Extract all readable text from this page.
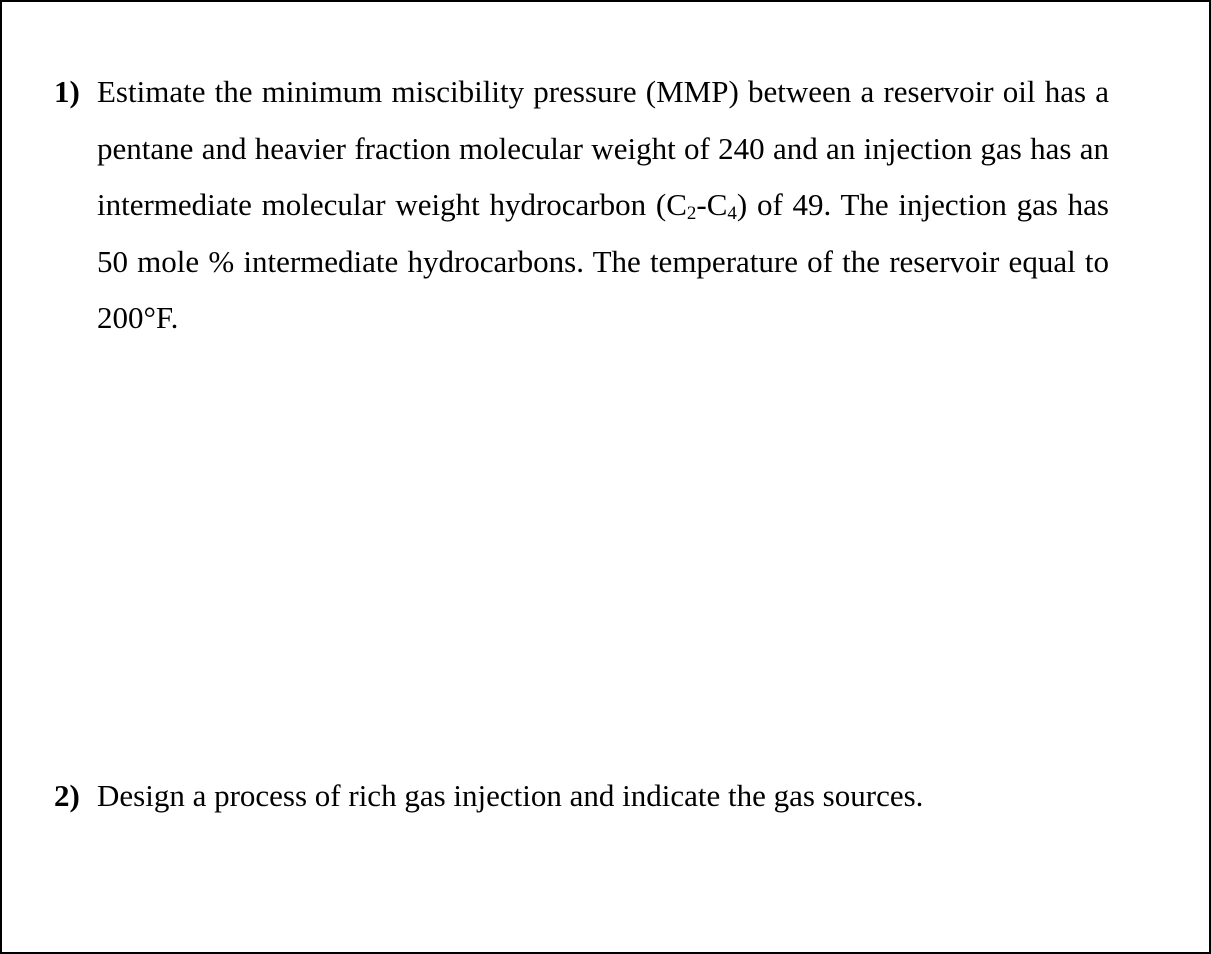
1) Estimate the minimum miscibility pressure (MMP) between a reservoir oil has a pentane and heavier fraction molecular weight of 240 and an injection gas has an intermediate molecular weight hydrocarbon $(C_2-C_4)$ of 49. The injection gas has 50 mole % intermediate hydrocarbons. The temperature of the reservoir equal to 200°F.
2) Design a process of rich gas injection and indicate the gas sources.
